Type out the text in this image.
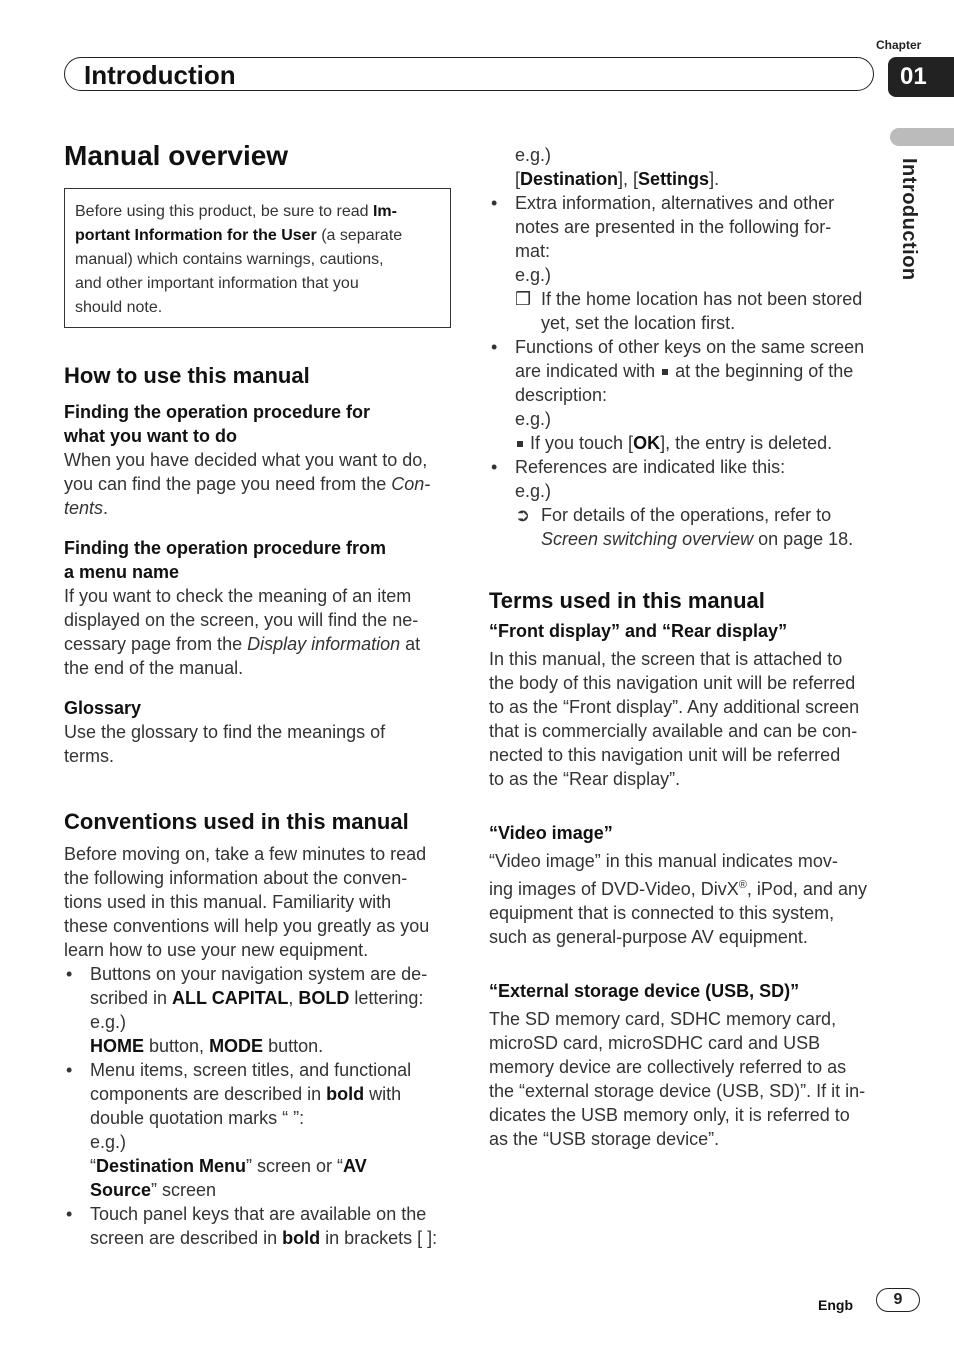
Chapter
01
Introduction
Introduction
Manual overview
Before using this product, be sure to read Im-
portant Information for the User (a separate
manual) which contains warnings, cautions,
and other important information that you
should note.
How to use this manual
Finding the operation procedure for
what you want to do
When you have decided what you want to do,
you can find the page you need from the Con-
tents.
Finding the operation procedure from
a menu name
If you want to check the meaning of an item
displayed on the screen, you will find the ne-
cessary page from the Display information at
the end of the manual.
Glossary
Use the glossary to find the meanings of
terms.
Conventions used in this manual
Before moving on, take a few minutes to read
the following information about the conven-
tions used in this manual. Familiarity with
these conventions will help you greatly as you
learn how to use your new equipment.
• Buttons on your navigation system are de-
scribed in ALL CAPITAL, BOLD lettering:
e.g.)
HOME button, MODE button.
• Menu items, screen titles, and functional
components are described in bold with
double quotation marks “ ”:
e.g.)
“Destination Menu” screen or “AV
Source” screen
• Touch panel keys that are available on the
screen are described in bold in brackets [ ]:
e.g.)
[Destination], [Settings].
• Extra information, alternatives and other
notes are presented in the following for-
mat:
e.g.)
❒ If the home location has not been stored
yet, set the location first.
• Functions of other keys on the same screen
are indicated with  at the beginning of the
description:
e.g.)
If you touch [OK], the entry is deleted.
• References are indicated like this:
e.g.)
➲ For details of the operations, refer to
Screen switching overview on page 18.
Terms used in this manual
“Front display” and “Rear display”
In this manual, the screen that is attached to
the body of this navigation unit will be referred
to as the “Front display”. Any additional screen
that is commercially available and can be con-
nected to this navigation unit will be referred
to as the “Rear display”.
“Video image”
“Video image” in this manual indicates mov-
ing images of DVD-Video, DivX®, iPod, and any
equipment that is connected to this system,
such as general-purpose AV equipment.
“External storage device (USB, SD)”
The SD memory card, SDHC memory card,
microSD card, microSDHC card and USB
memory device are collectively referred to as
the “external storage device (USB, SD)”. If it in-
dicates the USB memory only, it is referred to
as the “USB storage device”.
Engb	9
